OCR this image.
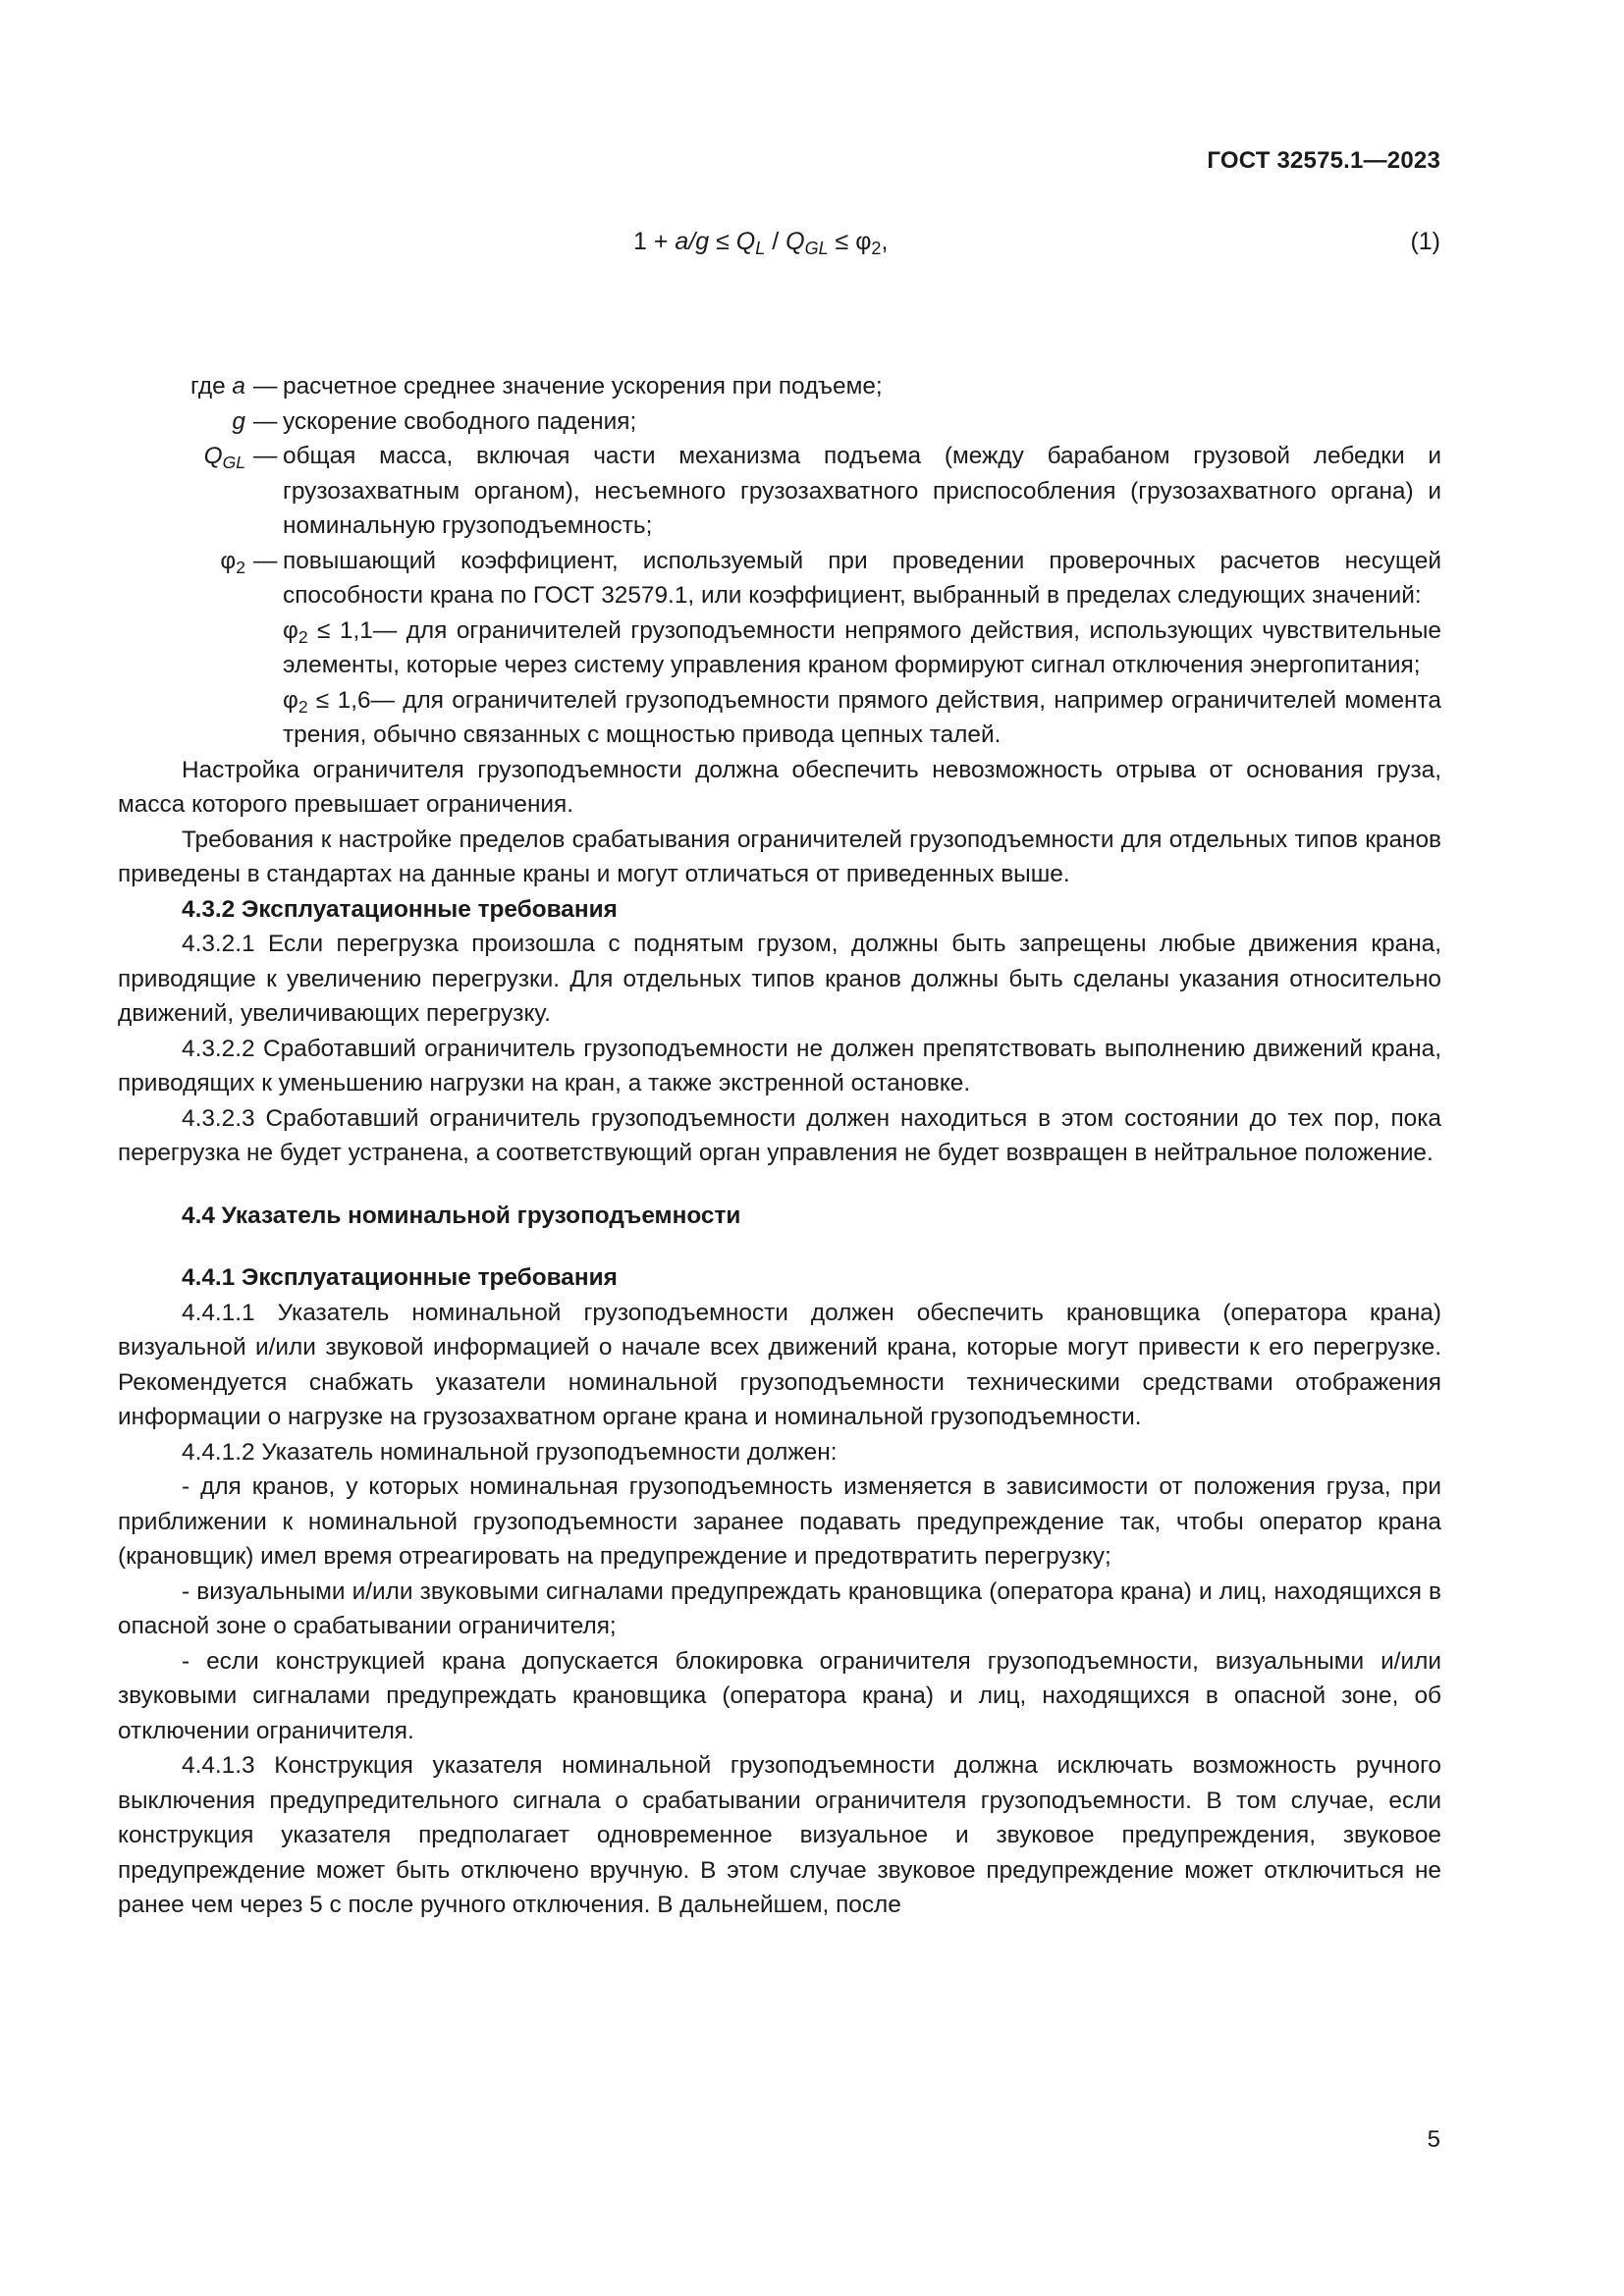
ГОСТ 32575.1—2023
$1 + a/g \le Q_L / Q_{GL} \le \varphi_2$,	(1)
где a — расчетное среднее значение ускорения при подъеме;
g — ускорение свободного падения;
$Q_{GL}$ — общая масса, включая части механизма подъема (между барабаном грузовой лебедки и грузозахватным органом), несъемного грузозахватного приспособления (грузозахватного органа) и номинальную грузоподъемность;
$\varphi_2$ — повышающий коэффициент, используемый при проведении проверочных расчетов несущей способности крана по ГОСТ 32579.1, или коэффициент, выбранный в пределах следующих значений:

$\varphi_2$ ≤ 1,1— для ограничителей грузоподъемности непрямого действия, использующих чувствительные элементы, которые через систему управления краном формируют сигнал отключения энергопитания;

$\varphi_2$ ≤ 1,6— для ограничителей грузоподъемности прямого действия, например ограничителей момента трения, обычно связанных с мощностью привода цепных талей.

Настройка ограничителя грузоподъемности должна обеспечить невозможность отрыва от основания груза, масса которого превышает ограничения.

Требования к настройке пределов срабатывания ограничителей грузоподъемности для отдельных типов кранов приведены в стандартах на данные краны и могут отличаться от приведенных выше.

4.3.2 Эксплуатационные требования

4.3.2.1 Если перегрузка произошла с поднятым грузом, должны быть запрещены любые движения крана, приводящие к увеличению перегрузки. Для отдельных типов кранов должны быть сделаны указания относительно движений, увеличивающих перегрузку.

4.3.2.2 Сработавший ограничитель грузоподъемности не должен препятствовать выполнению движений крана, приводящих к уменьшению нагрузки на кран, а также экстренной остановке.

4.3.2.3 Сработавший ограничитель грузоподъемности должен находиться в этом состоянии до тех пор, пока перегрузка не будет устранена, а соответствующий орган управления не будет возвращен в нейтральное положение.

4.4 Указатель номинальной грузоподъемности

4.4.1 Эксплуатационные требования

4.4.1.1 Указатель номинальной грузоподъемности должен обеспечить крановщика (оператора крана) визуальной и/или звуковой информацией о начале всех движений крана, которые могут привести к его перегрузке. Рекомендуется снабжать указатели номинальной грузоподъемности техническими средствами отображения информации о нагрузке на грузозахватном органе крана и номинальной грузоподъемности.

4.4.1.2 Указатель номинальной грузоподъемности должен:

- для кранов, у которых номинальная грузоподъемность изменяется в зависимости от положения груза, при приближении к номинальной грузоподъемности заранее подавать предупреждение так, чтобы оператор крана (крановщик) имел время отреагировать на предупреждение и предотвратить перегрузку;

- визуальными и/или звуковыми сигналами предупреждать крановщика (оператора крана) и лиц, находящихся в опасной зоне о срабатывании ограничителя;

- если конструкцией крана допускается блокировка ограничителя грузоподъемности, визуальными и/или звуковыми сигналами предупреждать крановщика (оператора крана) и лиц, находящихся в опасной зоне, об отключении ограничителя.

4.4.1.3 Конструкция указателя номинальной грузоподъемности должна исключать возможность ручного выключения предупредительного сигнала о срабатывании ограничителя грузоподъемности. В том случае, если конструкция указателя предполагает одновременное визуальное и звуковое предупреждения, звуковое предупреждение может быть отключено вручную. В этом случае звуковое предупреждение может отключиться не ранее чем через 5 с после ручного отключения. В дальнейшем, после

5
